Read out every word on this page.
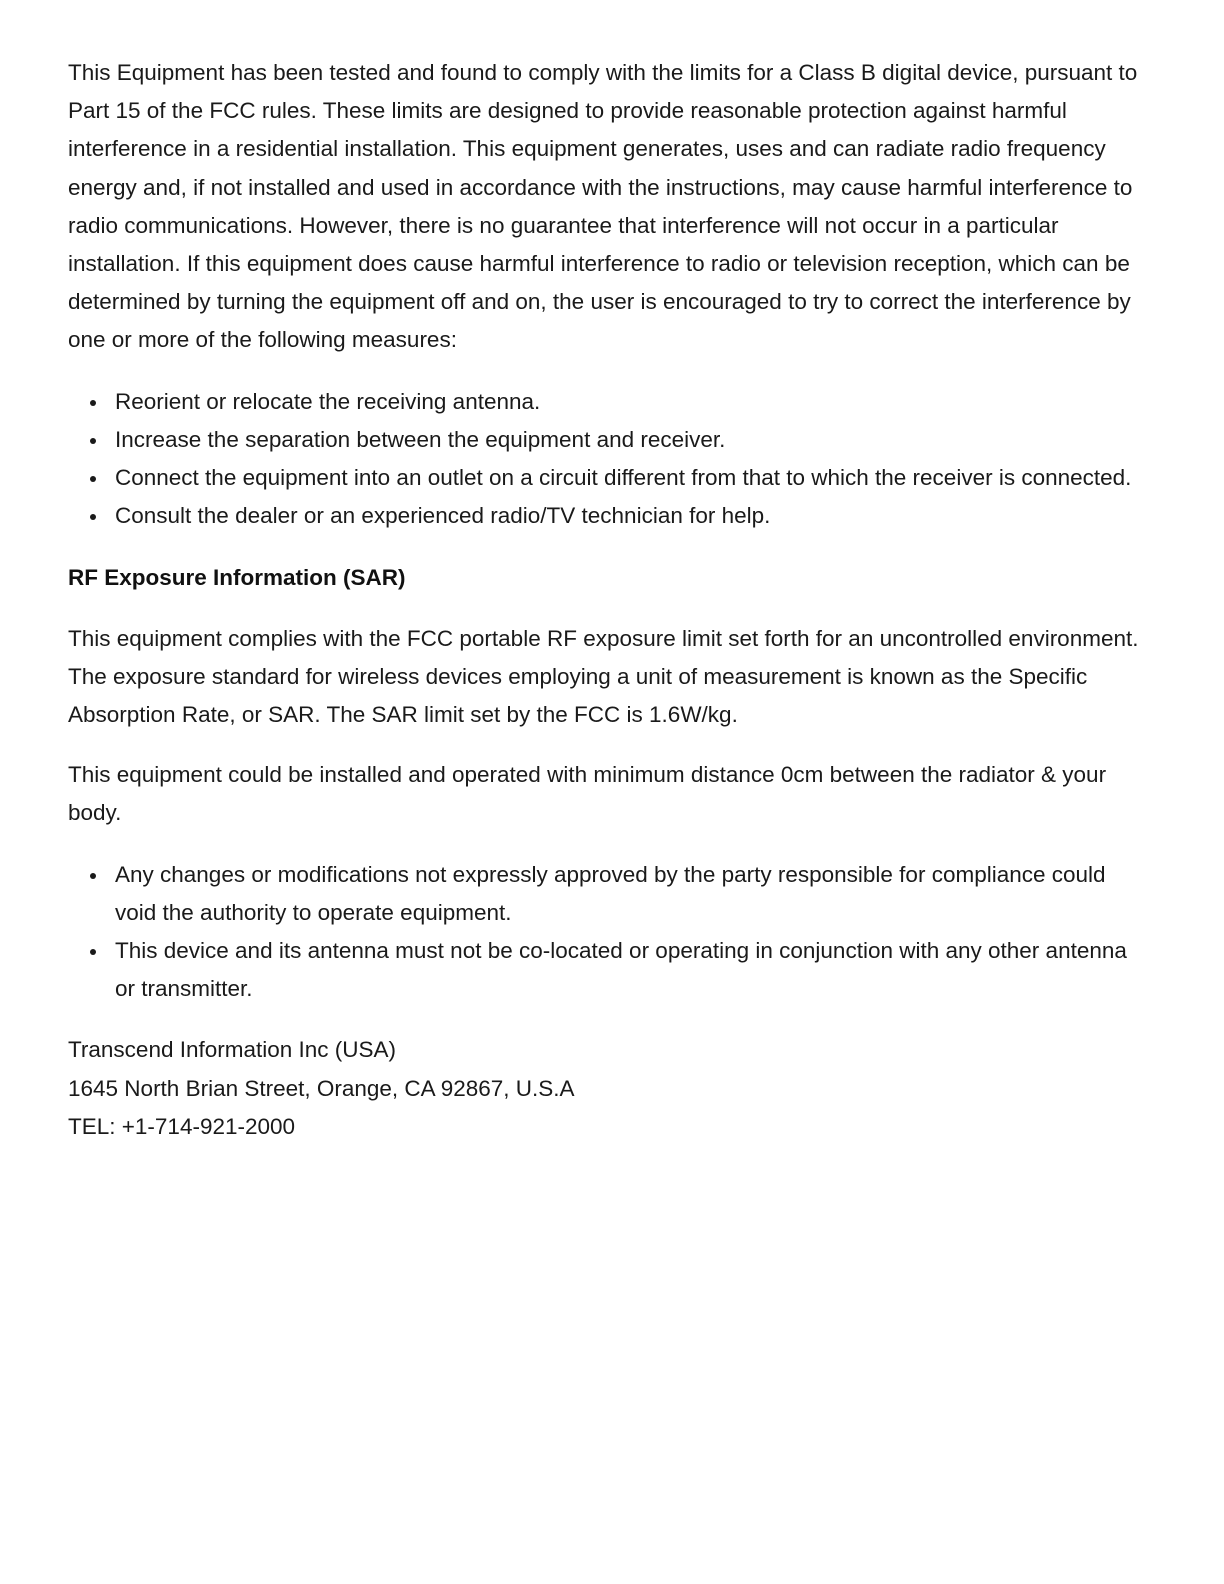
This Equipment has been tested and found to comply with the limits for a Class B digital device, pursuant to Part 15 of the FCC rules. These limits are designed to provide reasonable protection against harmful interference in a residential installation. This equipment generates, uses and can radiate radio frequency energy and, if not installed and used in accordance with the instructions, may cause harmful interference to radio communications. However, there is no guarantee that interference will not occur in a particular installation. If this equipment does cause harmful interference to radio or television reception, which can be determined by turning the equipment off and on, the user is encouraged to try to correct the interference by one or more of the following measures:

Reorient or relocate the receiving antenna.
Increase the separation between the equipment and receiver.
Connect the equipment into an outlet on a circuit different from that to which the receiver is connected.
Consult the dealer or an experienced radio/TV technician for help.
RF Exposure Information (SAR)

This equipment complies with the FCC portable RF exposure limit set forth for an uncontrolled environment. The exposure standard for wireless devices employing a unit of measurement is known as the Specific Absorption Rate, or SAR. The SAR limit set by the FCC is 1.6W/kg.

This equipment could be installed and operated with minimum distance 0cm between the radiator & your body.

Any changes or modifications not expressly approved by the party responsible for compliance could void the authority to operate equipment.
This device and its antenna must not be co-located or operating in conjunction with any other antenna or transmitter.
Transcend Information Inc (USA)
1645 North Brian Street, Orange, CA 92867, U.S.A
TEL: +1-714-921-2000
